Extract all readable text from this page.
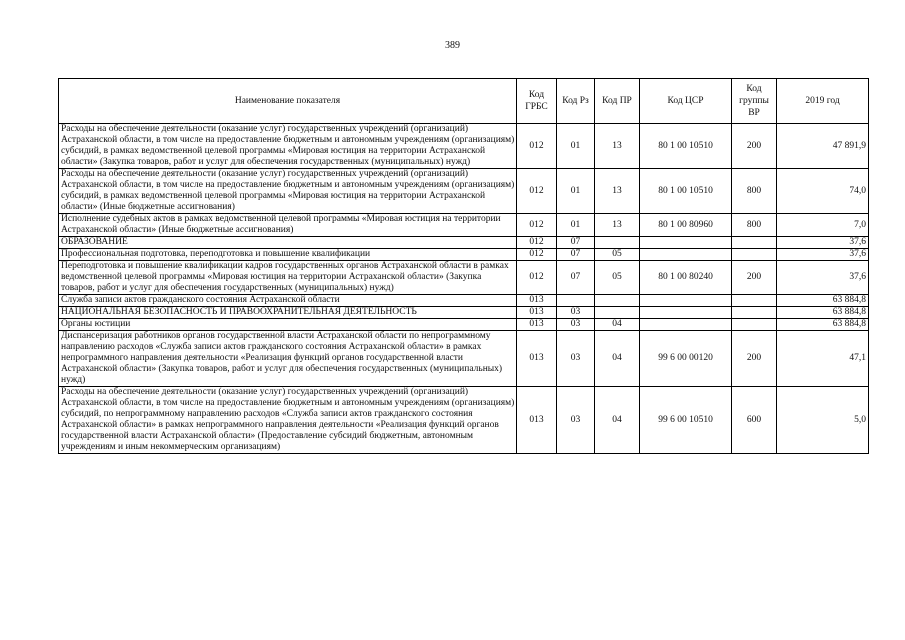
389
Наименование показателя	Код ГРБС	Код Рз	Код ПР	Код ЦСР	Код группы ВР	2019 год
Расходы на обеспечение деятельности (оказание услуг) государственных учреждений (организаций) Астраханской области, в том числе на предоставление бюджетным и автономным учреждениям (организациям) субсидий, в рамках ведомственной целевой программы «Мировая юстиция на территории Астраханской области» (Закупка товаров, работ и услуг для обеспечения государственных (муниципальных) нужд)	012	01	13	80 1 00 10510	200	47 891,9
Расходы на обеспечение деятельности (оказание услуг) государственных учреждений (организаций) Астраханской области, в том числе на предоставление бюджетным и автономным учреждениям (организациям) субсидий, в рамках ведомственной целевой программы «Мировая юстиция на территории Астраханской области» (Иные бюджетные ассигнования)	012	01	13	80 1 00 10510	800	74,0
Исполнение судебных актов в рамках ведомственной целевой программы «Мировая юстиция на территории Астраханской области» (Иные бюджетные ассигнования)	012	01	13	80 1 00 80960	800	7,0
ОБРАЗОВАНИЕ	012	07				37,6
Профессиональная подготовка, переподготовка и повышение квалификации	012	07	05			37,6
Переподготовка и повышение квалификации кадров государственных органов Астраханской области в рамках ведомственной целевой программы «Мировая юстиция на территории Астраханской области» (Закупка товаров, работ и услуг для обеспечения государственных (муниципальных) нужд)	012	07	05	80 1 00 80240	200	37,6
Служба записи актов гражданского состояния Астраханской области	013					63 884,8
НАЦИОНАЛЬНАЯ БЕЗОПАСНОСТЬ И ПРАВООХРАНИТЕЛЬНАЯ ДЕЯТЕЛЬНОСТЬ	013	03				63 884,8
Органы юстиции	013	03	04			63 884,8
Диспансеризация работников органов государственной власти Астраханской области по непрограммному направлению расходов «Служба записи актов гражданского состояния Астраханской области» в рамках непрограммного направления деятельности «Реализация функций органов государственной власти Астраханской области» (Закупка товаров, работ и услуг для обеспечения государственных (муниципальных) нужд)	013	03	04	99 6 00 00120	200	47,1
Расходы на обеспечение деятельности (оказание услуг) государственных учреждений (организаций) Астраханской области, в том числе на предоставление бюджетным и автономным учреждениям (организациям) субсидий, по непрограммному направлению расходов «Служба записи актов гражданского состояния Астраханской области» в рамках непрограммного направления деятельности «Реализация функций органов государственной власти Астраханской области» (Предоставление субсидий бюджетным, автономным учреждениям и иным некоммерческим организациям)	013	03	04	99 6 00 10510	600	5,0
